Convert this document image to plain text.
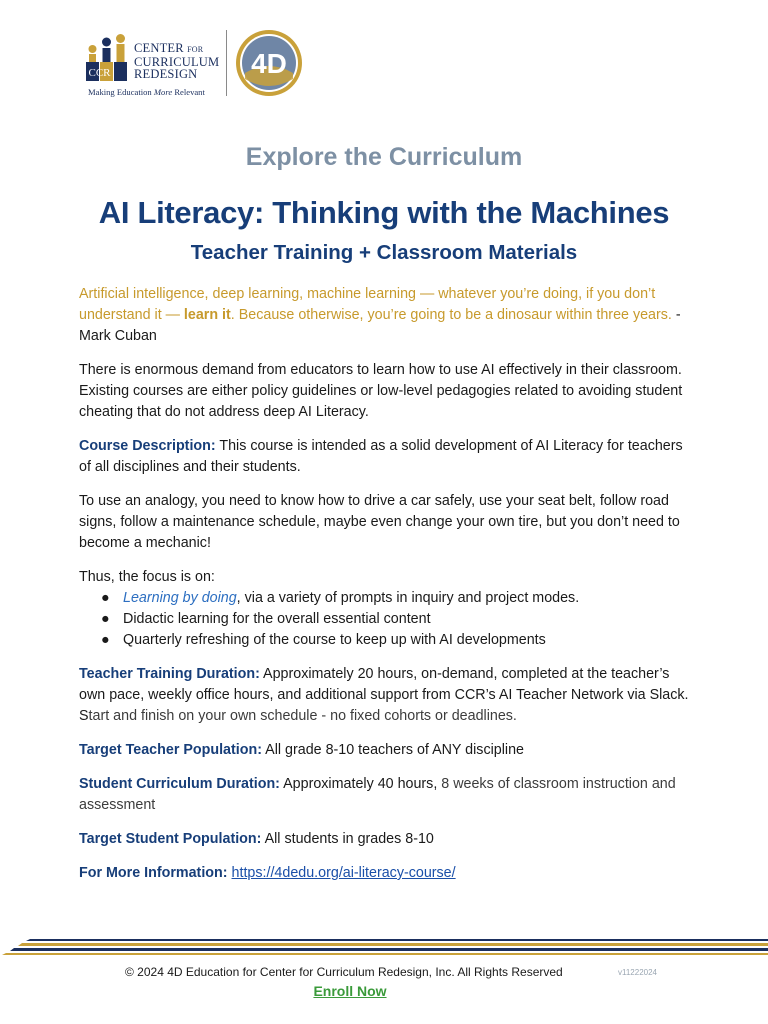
CCR
CENTER FOR
CURRICULUM
REDESIGN
Making Education More Relevant
4D
Explore the Curriculum
AI Literacy: Thinking with the Machines
Teacher Training + Classroom Materials

Artificial intelligence, deep learning, machine learning — whatever you’re doing, if you don’t understand it — learn it. Because otherwise, you’re going to be a dinosaur within three years. - Mark Cuban

There is enormous demand from educators to learn how to use AI effectively in their classroom. Existing courses are either policy guidelines or low-level pedagogies related to avoiding student cheating that do not address deep AI Literacy.

Course Description: This course is intended as a solid development of AI Literacy for teachers of all disciplines and their students.

To use an analogy, you need to know how to drive a car safely, use your seat belt, follow road signs, follow a maintenance schedule, maybe even change your own tire, but you don’t need to become a mechanic!

Thus, the focus is on:

● Learning by doing, via a variety of prompts in inquiry and project modes.
● Didactic learning for the overall essential content
● Quarterly refreshing of the course to keep up with AI developments

Teacher Training Duration: Approximately 20 hours, on-demand, completed at the teacher’s own pace, weekly office hours, and additional support from CCR’s AI Teacher Network via Slack. Start and finish on your own schedule - no fixed cohorts or deadlines.

Target Teacher Population: All grade 8-10 teachers of ANY discipline

Student Curriculum Duration: Approximately 40 hours, 8 weeks of classroom instruction and assessment

Target Student Population: All students in grades 8-10

For More Information: https://4dedu.org/ai-literacy-course/

© 2024 4D Education for Center for Curriculum Redesign, Inc. All Rights Reserved	v11222024
Enroll Now
